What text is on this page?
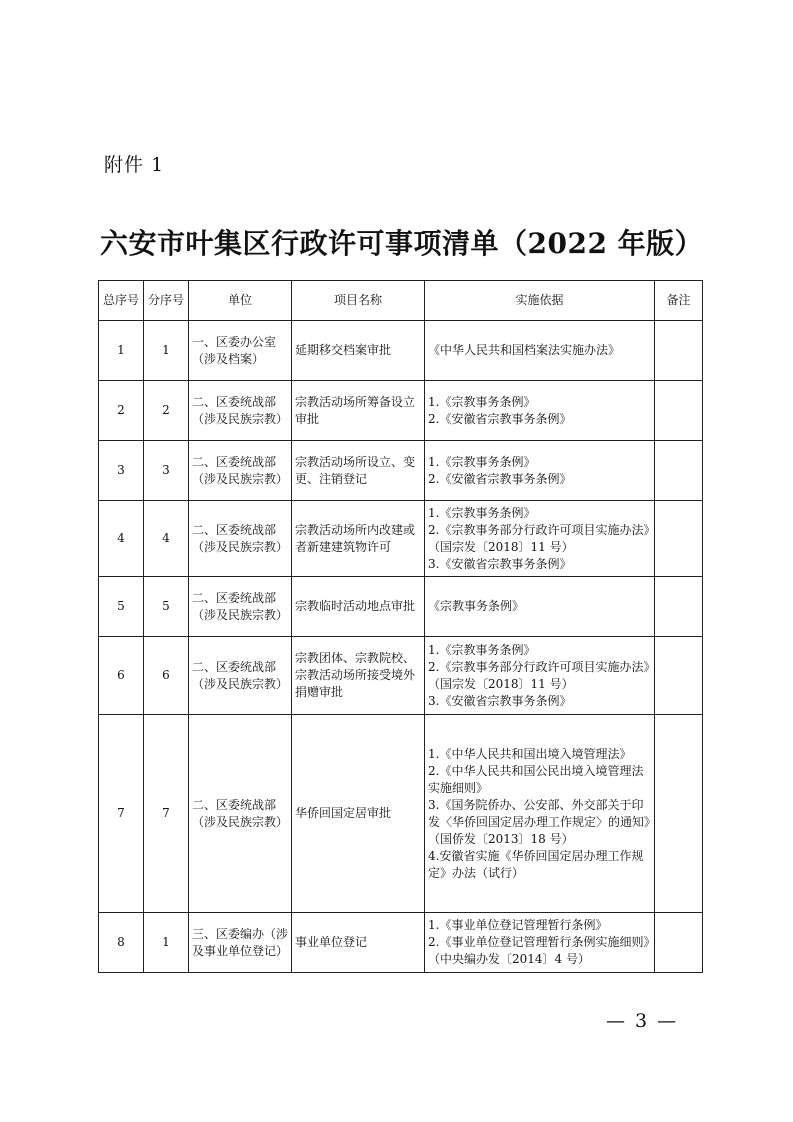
附件 1
六安市叶集区行政许可事项清单（2022 年版）
总序号	分序号	单位	项目名称	实施依据	备注
1	1	一、区委办公室（涉及档案）	延期移交档案审批	《中华人民共和国档案法实施办法》	

2	2	二、区委统战部（涉及民族宗教）	宗教活动场所筹备设立审批	1.《宗教事务条例》
2.《安徽省宗教事务条例》	

3	3	二、区委统战部（涉及民族宗教）	宗教活动场所设立、变更、注销登记	1.《宗教事务条例》
2.《安徽省宗教事务条例》	

4	4	二、区委统战部（涉及民族宗教）	宗教活动场所内改建或者新建建筑物许可	1.《宗教事务条例》
2.《宗教事务部分行政许可项目实施办法》（国宗发〔2018〕11 号）
3.《安徽省宗教事务条例》	

5	5	二、区委统战部（涉及民族宗教）	宗教临时活动地点审批	《宗教事务条例》	

6	6	二、区委统战部（涉及民族宗教）	宗教团体、宗教院校、宗教活动场所接受境外捐赠审批	1.《宗教事务条例》
2.《宗教事务部分行政许可项目实施办法》（国宗发〔2018〕11 号）
3.《安徽省宗教事务条例》	

7	7	二、区委统战部（涉及民族宗教）	华侨回国定居审批	1.《中华人民共和国出境入境管理法》
2.《中华人民共和国公民出境入境管理法实施细则》
3.《国务院侨办、公安部、外交部关于印发〈华侨回国定居办理工作规定〉的通知》（国侨发〔2013〕18 号）
4.安徽省实施《华侨回国定居办理工作规定》办法（试行）	

8	1	三、区委编办（涉及事业单位登记）	事业单位登记	1.《事业单位登记管理暂行条例》
2.《事业单位登记管理暂行条例实施细则》（中央编办发〔2014〕4 号）	

— 3 —
